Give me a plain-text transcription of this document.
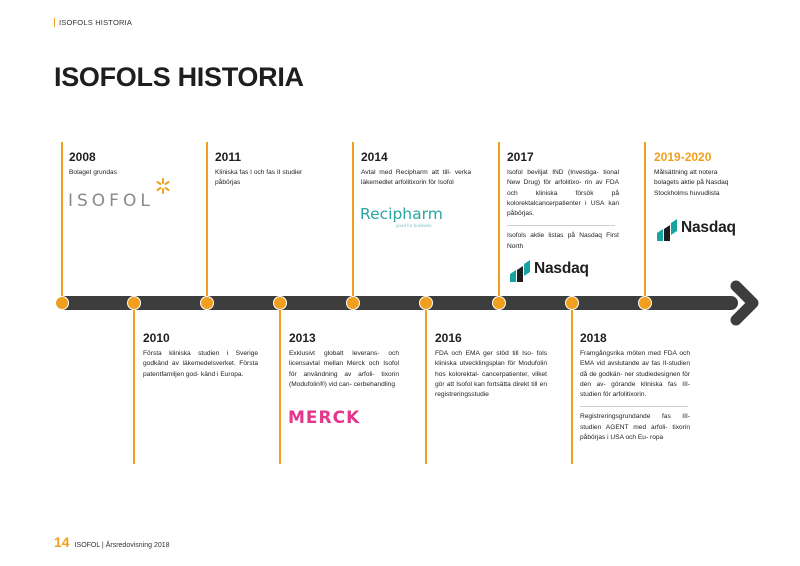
ISOFOLS HISTORIA
ISOFOLS HISTORIA
2008
Bolaget grundas
ISOFOL
2011
Kliniska fas I och fas II studier påbörjas
2014
Avtal med Recipharm att till- verka läkemedlet arfolitixorin för Isofol
Recipharm
good for business
2017
Isofol beviljat IND (Investiga- tional New Drug) för arfolitixo- rin av FDA och kliniska försök på kolorektalcancerpatienter i USA kan påbörjas.
Isofols aktie listas på Nasdaq First North
Nasdaq
2019-2020
Målsättning att notera bolagets aktie på Nasdaq Stockholms huvudlista
Nasdaq
2010
Första kliniska studien i Sverige godkänd av läkemedelsverket. Första patentfamiljen god- känd i Europa.
2013
Exklusivt globalt leverans- och licensavtal mellan Merck och Isofol för användning av arfoli- tixorin (Modufolin®) vid can- cerbehandling
MERCK
2016
FDA och EMA ger stöd till Iso- fols kliniska utvecklingsplan för Modufolin hos kolorektal- cancerpatienter, vilket gör att Isofol kan fortsätta direkt till en registreringsstudie
2018
Framgångsrika möten med FDA och EMA vid avslutande av fas II-studien då de godkän- ner studiedesignen för den av- görande kliniska fas III-studien för arfolitixorin.
Registreringsgrundande fas III-studien AGENT med arfoli- tixorin påbörjas i USA och Eu- ropa
14 ISOFOL | Årsredovisning 2018
